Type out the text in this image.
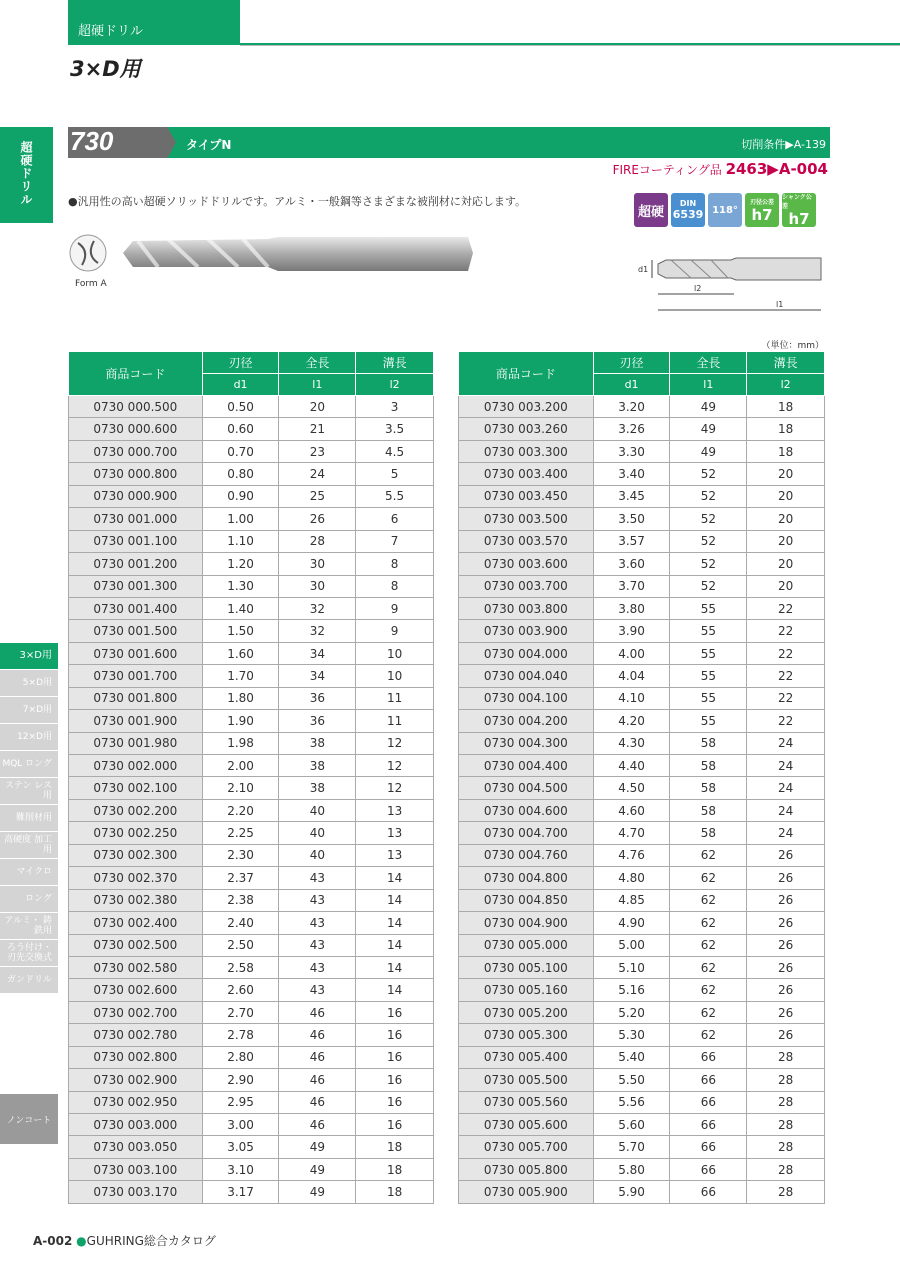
超硬ドリル
3×D用
超硬ドリル
3×D用
5×D用
7×D用
12×D用
MQL ロング
ステン レス用
難削材用
高硬度 加工用
マイクロ
ロング
アルミ・ 鋳鉄用
ろう付け・ 刃先交換式
ガンドリル
ノンコート
730	タイプN	切削条件▶A-139
FIREコーティング品 2463▶A-004
●汎用性の高い超硬ソリッドドリルです。アルミ・一般鋼等さまざまな被削材に対応します。
超硬
DIN
6539 118°
刃径公差
h7
シャンク公差
h7
Form A
d1
l2
l1
（単位：mm）
商品コード	刃径	全長	溝長
	d1	l1	l2
0730 000.500	0.50	20	3
0730 000.600	0.60	21	3.5
0730 000.700	0.70	23	4.5
0730 000.800	0.80	24	5
0730 000.900	0.90	25	5.5
0730 001.000	1.00	26	6
0730 001.100	1.10	28	7
0730 001.200	1.20	30	8
0730 001.300	1.30	30	8
0730 001.400	1.40	32	9
0730 001.500	1.50	32	9
0730 001.600	1.60	34	10
0730 001.700	1.70	34	10
0730 001.800	1.80	36	11
0730 001.900	1.90	36	11
0730 001.980	1.98	38	12
0730 002.000	2.00	38	12
0730 002.100	2.10	38	12
0730 002.200	2.20	40	13
0730 002.250	2.25	40	13
0730 002.300	2.30	40	13
0730 002.370	2.37	43	14
0730 002.380	2.38	43	14
0730 002.400	2.40	43	14
0730 002.500	2.50	43	14
0730 002.580	2.58	43	14
0730 002.600	2.60	43	14
0730 002.700	2.70	46	16
0730 002.780	2.78	46	16
0730 002.800	2.80	46	16
0730 002.900	2.90	46	16
0730 002.950	2.95	46	16
0730 003.000	3.00	46	16
0730 003.050	3.05	49	18
0730 003.100	3.10	49	18
0730 003.170	3.17	49	18
商品コード	刃径	全長	溝長
	d1	l1	l2
0730 003.200	3.20	49	18
0730 003.260	3.26	49	18
0730 003.300	3.30	49	18
0730 003.400	3.40	52	20
0730 003.450	3.45	52	20
0730 003.500	3.50	52	20
0730 003.570	3.57	52	20
0730 003.600	3.60	52	20
0730 003.700	3.70	52	20
0730 003.800	3.80	55	22
0730 003.900	3.90	55	22
0730 004.000	4.00	55	22
0730 004.040	4.04	55	22
0730 004.100	4.10	55	22
0730 004.200	4.20	55	22
0730 004.300	4.30	58	24
0730 004.400	4.40	58	24
0730 004.500	4.50	58	24
0730 004.600	4.60	58	24
0730 004.700	4.70	58	24
0730 004.760	4.76	62	26
0730 004.800	4.80	62	26
0730 004.850	4.85	62	26
0730 004.900	4.90	62	26
0730 005.000	5.00	62	26
0730 005.100	5.10	62	26
0730 005.160	5.16	62	26
0730 005.200	5.20	62	26
0730 005.300	5.30	62	26
0730 005.400	5.40	66	28
0730 005.500	5.50	66	28
0730 005.560	5.56	66	28
0730 005.600	5.60	66	28
0730 005.700	5.70	66	28
0730 005.800	5.80	66	28
0730 005.900	5.90	66	28
A-002 ●GUHRING総合カタログ
